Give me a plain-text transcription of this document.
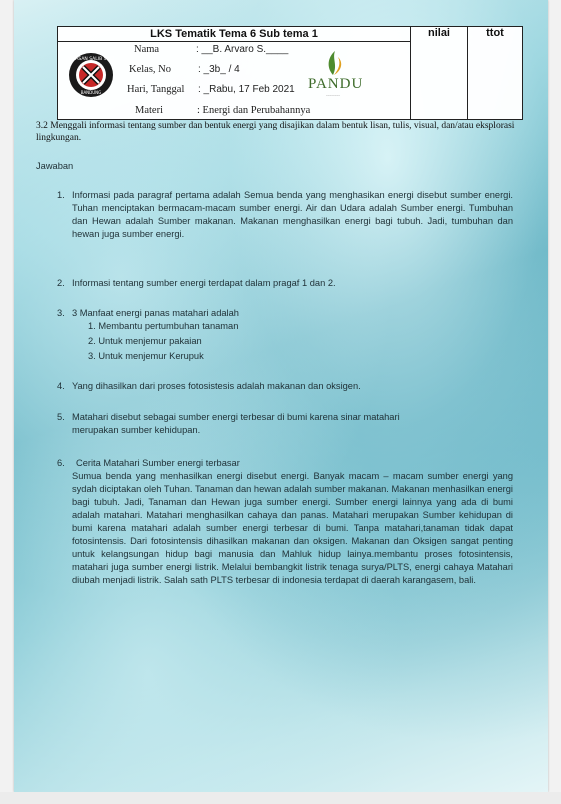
LKS Tematik Tema 6 Sub tema 1	nilai	ttot

YAYASAN SALIB SUCI
BANDUNG
Nama	: __B. Arvaro S.____
Kelas, No	: _3b_ / 4
Hari, Tanggal : _Rabu, 17 Feb 2021
Materi	: Energi dan Perubahannya
PANDU
~~~~~~~~
3.2 Menggali informasi tentang sumber dan bentuk energi yang disajikan dalam bentuk lisan, tulis, visual, dan/atau eksplorasi lingkungan.
Jawaban
1. Informasi pada paragraf pertama adalah Semua benda yang menghasikan energi disebut sumber energi. Tuhan menciptakan bermacam-macam sumber energi. Air dan Udara adalah Sumber energi. Tumbuhan dan Hewan adalah Sumber makanan. Makanan menghasilkan energi bagi tubuh. Jadi, tumbuhan dan hewan juga sumber energi.
2. Informasi tentang sumber energi terdapat dalam pragaf 1 dan 2.
3. 3 Manfaat energi panas matahari adalah
1. Membantu pertumbuhan tanaman
2. Untuk menjemur pakaian
3. Untuk menjemur Kerupuk
4. Yang dihasilkan dari proses fotosistesis adalah makanan dan oksigen.
5. Matahari disebut sebagai sumber energi terbesar di bumi karena sinar matahari merupakan sumber kehidupan.
6. Cerita Matahari Sumber energi terbasar
Sumua benda yang menhasilkan energi disebut energi. Banyak macam – macam sumber energi yang sydah diciptakan oleh Tuhan. Tanaman dan hewan adalah sumber makanan. Makanan menhasilkan energi bagi tubuh. Jadi, Tanaman dan Hewan juga sumber energi. Sumber energi lainnya yang ada di bumi adalah matahari. Matahari menghasilkan cahaya dan panas. Matahari merupakan Sumber kehidupan di bumi karena matahari adalah sumber energi terbesar di bumi. Tanpa matahari,tanaman tidak dapat fotosintensis. Dari fotosintensis dihasilkan makanan dan oksigen. Makanan dan Oksigen sangat penting untuk kelangsungan hidup bagi manusia dan Mahluk hidup lainya.membantu proses fotosintensis, matahari juga sumber energi listrik. Melalui bembangkit listrik tenaga surya/PLTS, energi cahaya Matahari diubah menjadi listrik. Salah sath PLTS terbesar di indonesia terdapat di daerah karangasem, bali.
